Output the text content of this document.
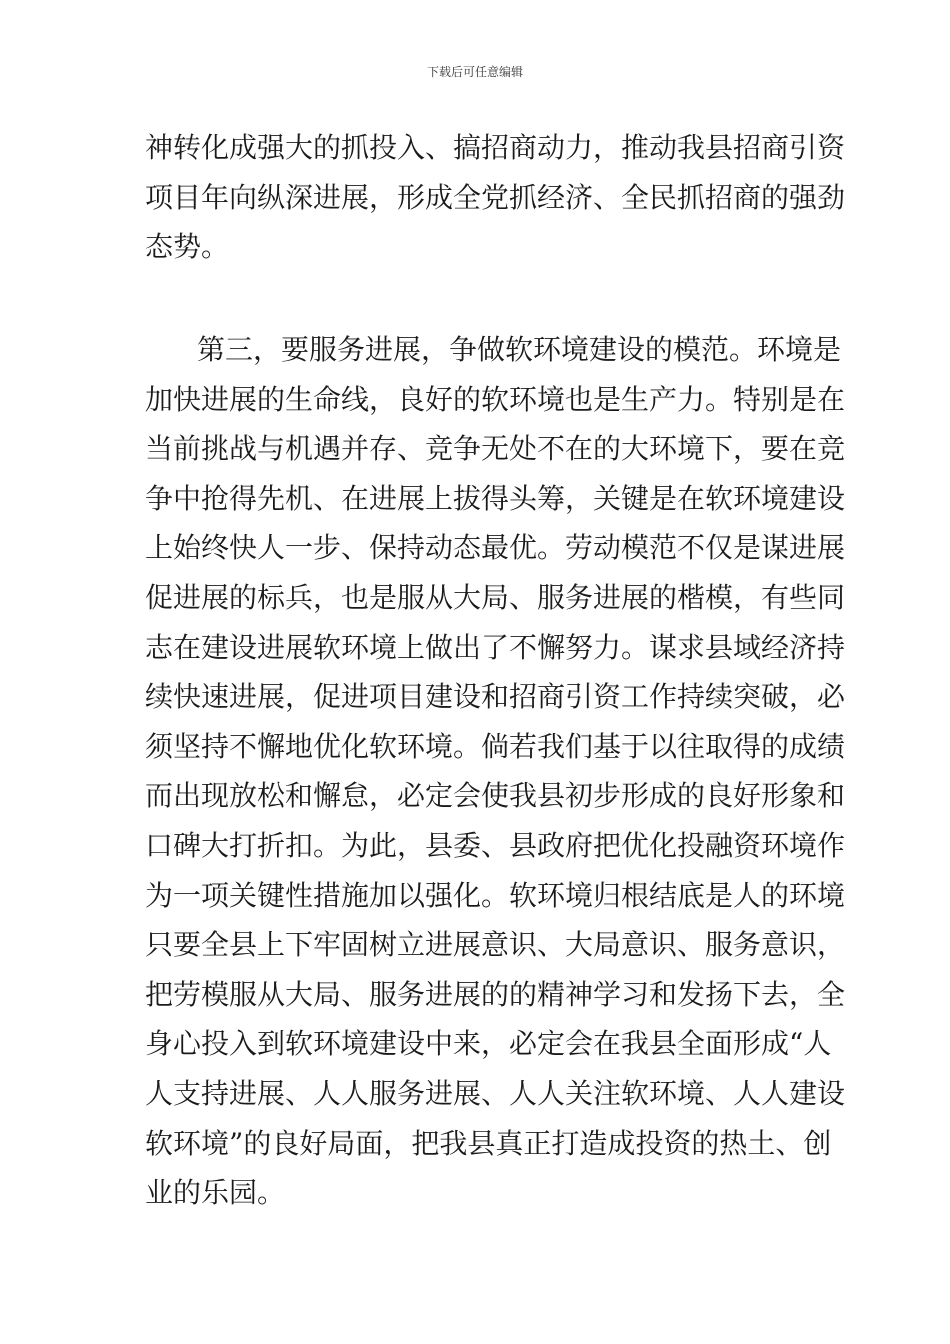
下载后可任意编辑
神转化成强大的抓投入、搞招商动力，推动我县招商引资
项目年向纵深进展，形成全党抓经济、全民抓招商的强劲
态势。
第三，要服务进展，争做软环境建设的模范。环境是
加快进展的生命线，良好的软环境也是生产力。特别是在
当前挑战与机遇并存、竞争无处不在的大环境下，要在竞
争中抢得先机、在进展上拔得头筹，关键是在软环境建设
上始终快人一步、保持动态最优。劳动模范不仅是谋进展
促进展的标兵，也是服从大局、服务进展的楷模，有些同
志在建设进展软环境上做出了不懈努力。谋求县域经济持
续快速进展，促进项目建设和招商引资工作持续突破，必
须坚持不懈地优化软环境。倘若我们基于以往取得的成绩
而出现放松和懈怠，必定会使我县初步形成的良好形象和
口碑大打折扣。为此，县委、县政府把优化投融资环境作
为一项关键性措施加以强化。软环境归根结底是人的环境
只要全县上下牢固树立进展意识、大局意识、服务意识，
把劳模服从大局、服务进展的的精神学习和发扬下去，全
身心投入到软环境建设中来，必定会在我县全面形成“人
人支持进展、人人服务进展、人人关注软环境、人人建设
软环境”的良好局面，把我县真正打造成投资的热土、创
业的乐园。
